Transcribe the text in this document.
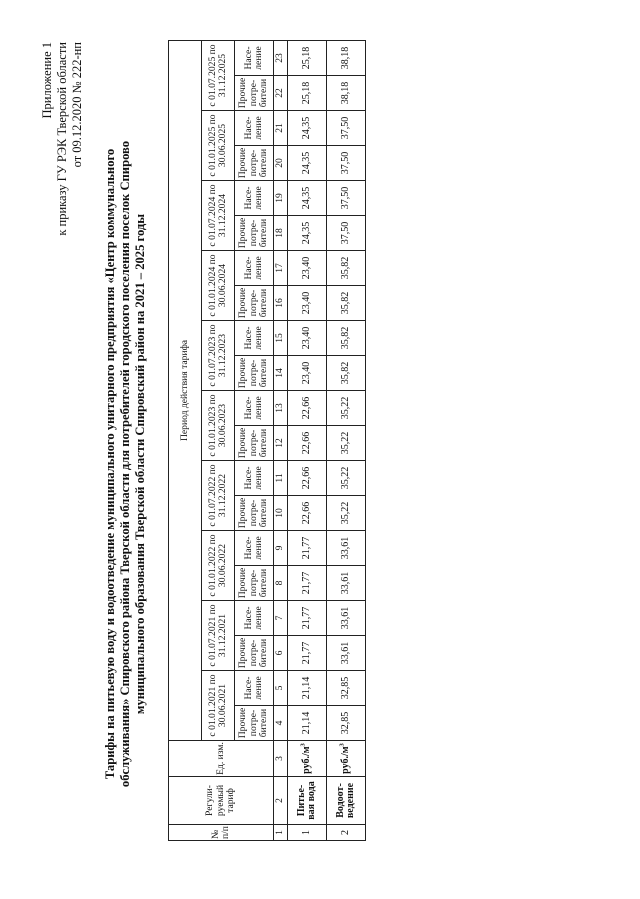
Приложение 1 к приказу ГУ РЭК Тверской области от 09.12.2020 № 222-нп
Тарифы на питьевую воду и водоотведение муниципального унитарного предприятия «Центр коммунального обслуживания» Спировского района Тверской области для потребителей городского поселения поселок Спирово муниципального образования Тверской области Спировский район на 2021 – 2025 годы
№ п/п	Регули- руемый тариф	Ед. изм.	Период действия тарифа																			
			с 01.01.2021 по 30.06.2021		с 01.07.2021 по 31.12.2021		с 01.01.2022 по 30.06.2022		с 01.07.2022 по 31.12.2022		с 01.01.2023 по 30.06.2023		с 01.07.2023 по 31.12.2023		с 01.01.2024 по 30.06.2024		с 01.07.2024 по 31.12.2024		с 01.01.2025 по 30.06.2025		с 01.07.2025 по 31.12.2025	
			Прочие потре- бители	Насе- ление	Прочие потре- бители	Насе- ление	Прочие потре- бители	Насе- ление	Прочие потре- бители	Насе- ление	Прочие потре- бители	Насе- ление	Прочие потре- бители	Насе- ление	Прочие потре- бители	Насе- ление	Прочие потре- бители	Насе- ление	Прочие потре- бители	Насе- ление	Прочие потре- бители	Насе- ление
1	2	3	4	5	6	7	8	9	10	11	12	13	14	15	16	17	18	19	20	21	22	23
1	Питье- вая вода	$руб./м^3$	21,14	21,14	21,77	21,77	21,77	21,77	22,66	22,66	22,66	22,66	23,40	23,40	23,40	23,40	24,35	24,35	24,35	24,35	25,18	25,18
2	Водоот- ведение	$руб./м^3$	32,85	32,85	33,61	33,61	33,61	33,61	35,22	35,22	35,22	35,22	35,82	35,82	35,82	35,82	37,50	37,50	37,50	37,50	38,18	38,18
